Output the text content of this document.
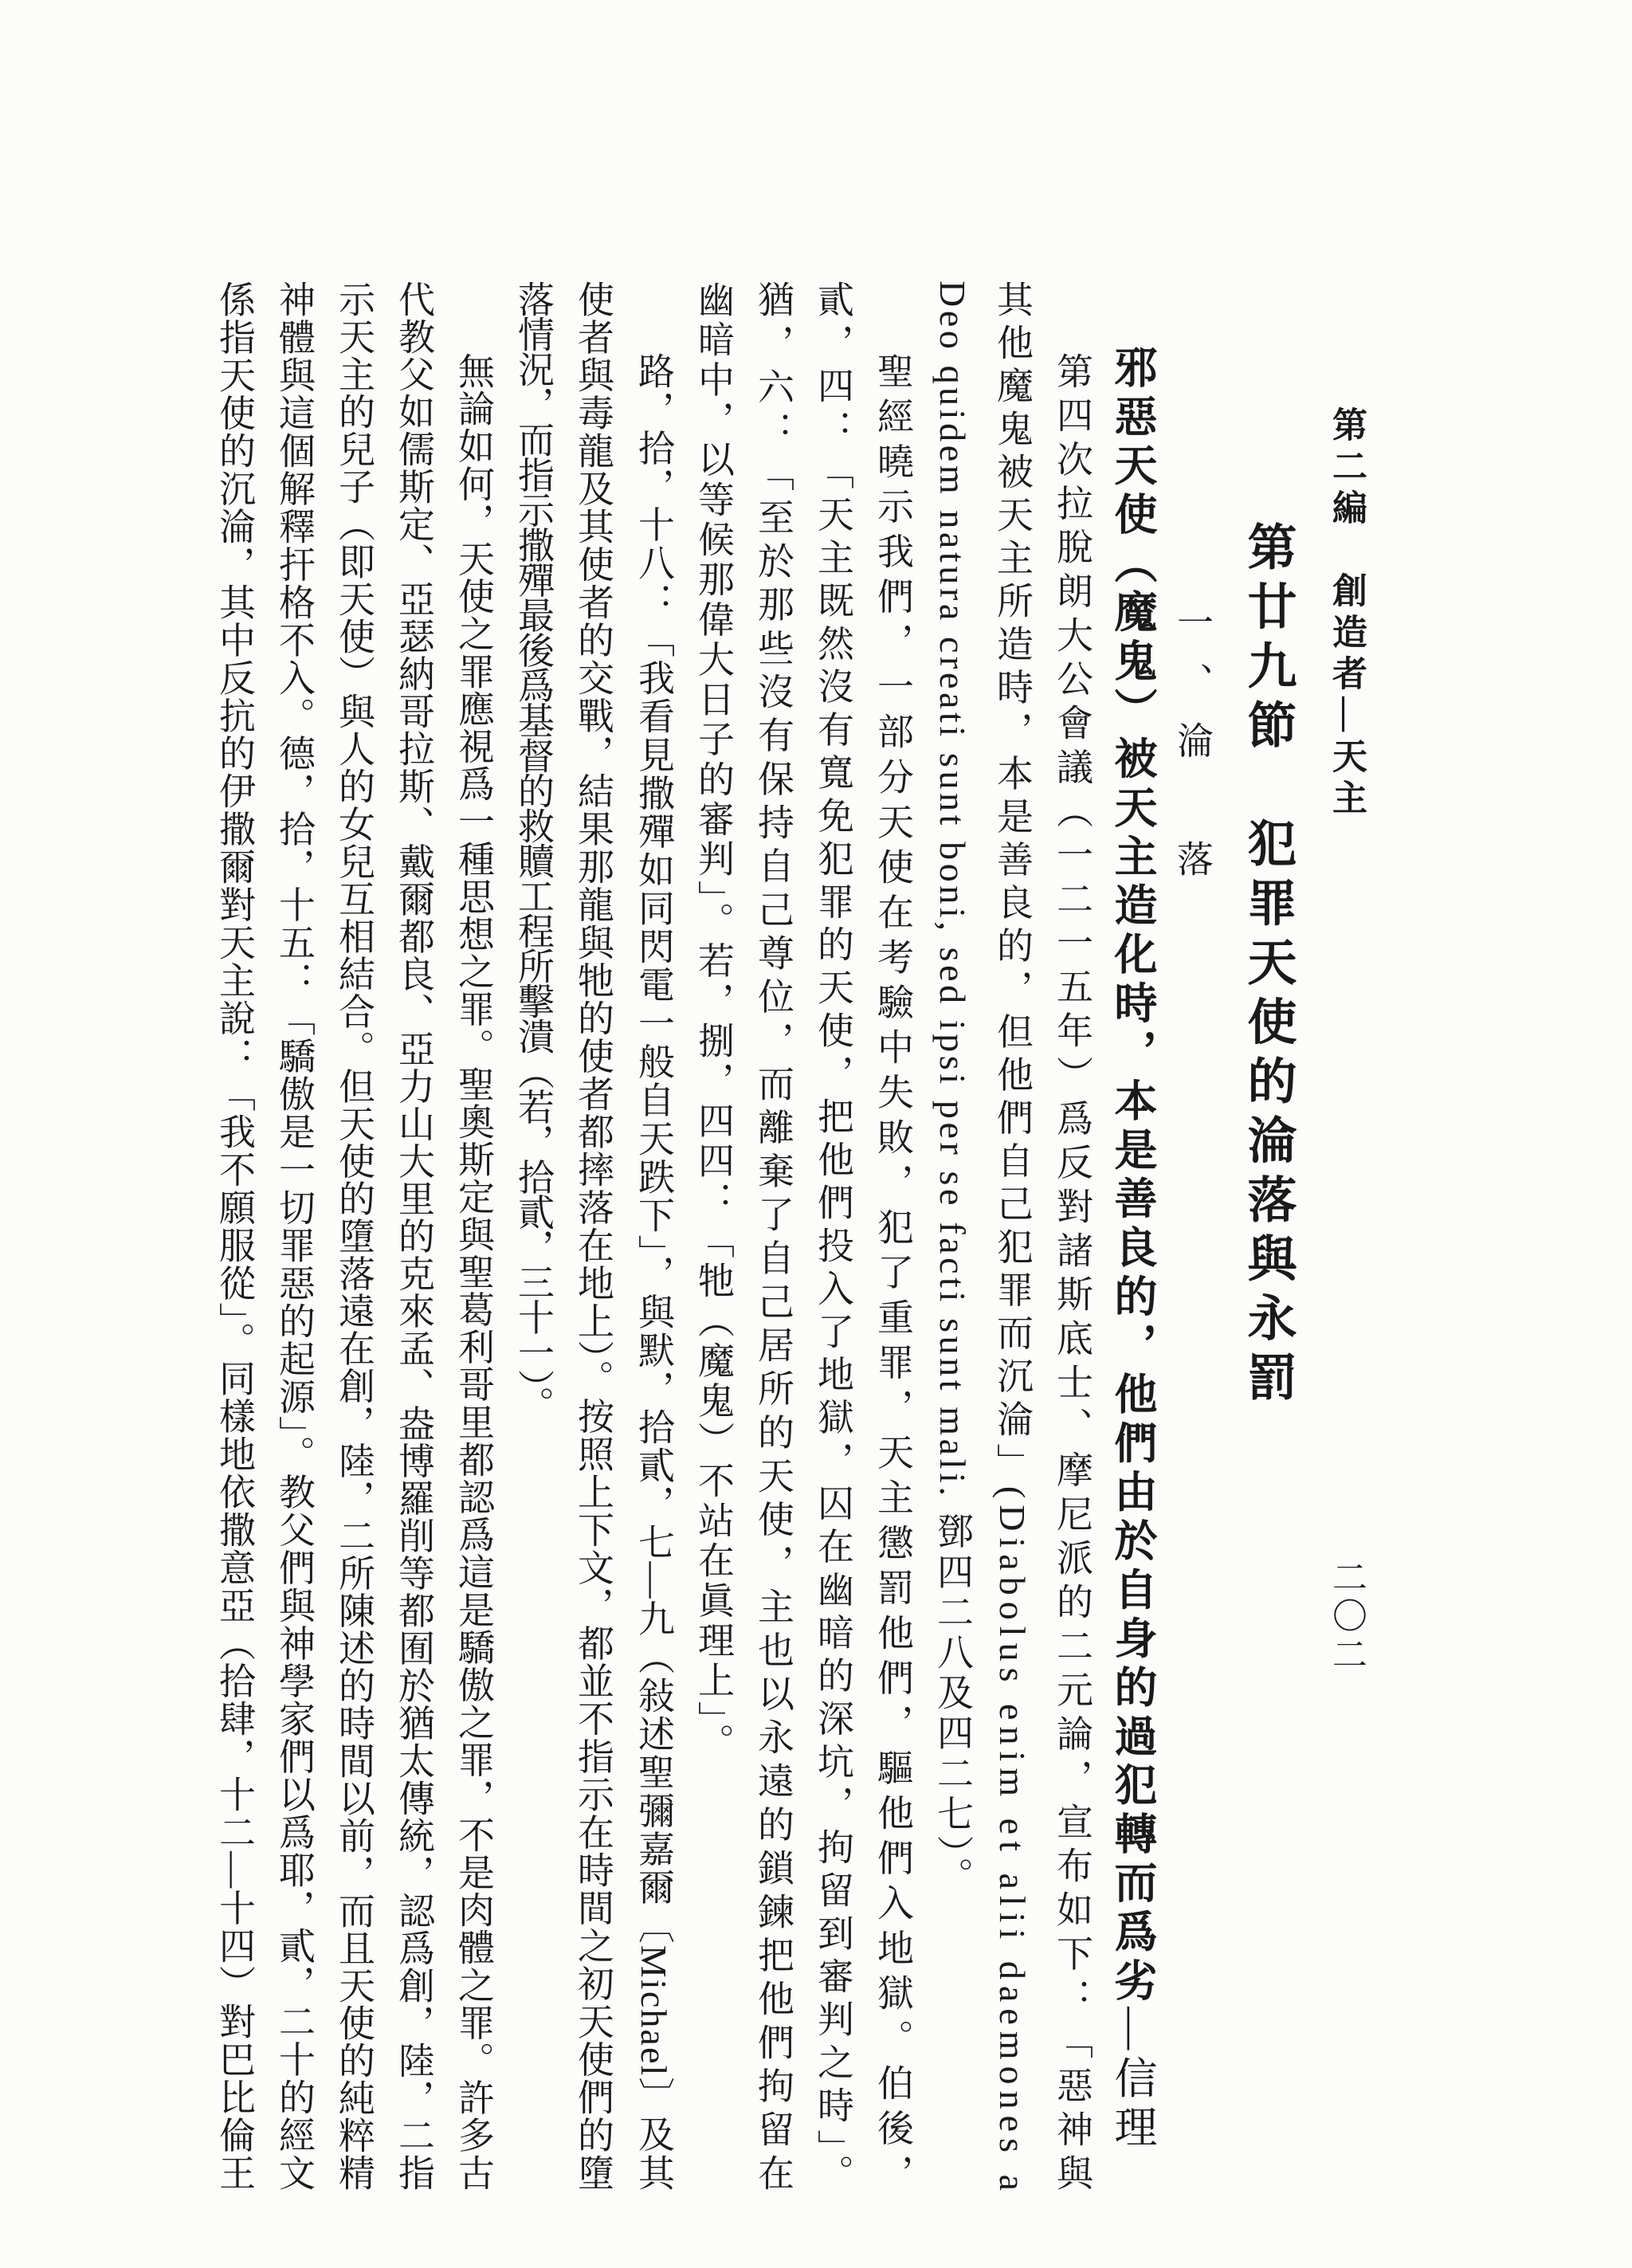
第二編　創造者—天主
二〇二
第廿九節　犯罪天使的淪落與永罰
一、淪　落
邪惡天使（魔鬼）被天主造化時，本是善良的，他們由於自身的過犯轉而爲劣—信理
第四次拉脫朗大公會議（一二一五年）爲反對諸斯底士、摩尼派的二元論，宣布如下：「惡神與
其他魔鬼被天主所造時，本是善良的，但他們自己犯罪而沉淪」(Diabolus enim et alii daemones a
Deo quidem natura creati sunt boni, sed ipsi per se facti sunt mali. 鄧四二八及四二七）。
聖經曉示我們，一部分天使在考驗中失敗，犯了重罪，天主懲罰他們，驅他們入地獄。伯後，
貳，四：「天主既然沒有寬免犯罪的天使，把他們投入了地獄，囚在幽暗的深坑，拘留到審判之時」。
猶，六：「至於那些沒有保持自己尊位，而離棄了自己居所的天使，主也以永遠的鎖鍊把他們拘留在
幽暗中，以等候那偉大日子的審判」。若，捌，四四：「牠（魔鬼）不站在眞理上」。
路，拾，十八：「我看見撒殫如同閃電一般自天跌下」，與默，拾貳，七—九（敍述聖彌嘉爾〔Michael〕及其
使者與毒龍及其使者的交戰，結果那龍與牠的使者都摔落在地上）。按照上下文，都並不指示在時間之初天使們的墮
落情況，而指示撒殫最後爲基督的救贖工程所擊潰（若，拾貳，三十一）。
無論如何，天使之罪應視爲一種思想之罪。聖奧斯定與聖葛利哥里都認爲這是驕傲之罪，不是肉體之罪。許多古
代教父如儒斯定、亞瑟納哥拉斯、戴爾都良、亞力山大里的克來孟、盎博羅削等都囿於猶太傳統，認爲創，陸，二指
示天主的兒子（即天使）與人的女兒互相結合。但天使的墮落遠在創，陸，二所陳述的時間以前，而且天使的純粹精
神體與這個解釋扞格不入。德，拾，十五：「驕傲是一切罪惡的起源」。教父們與神學家們以爲耶，貳，二十的經文
係指天使的沉淪，其中反抗的伊撒爾對天主說：「我不願服從」。同樣地依撒意亞（拾肆，十二—十四）對巴比倫王
